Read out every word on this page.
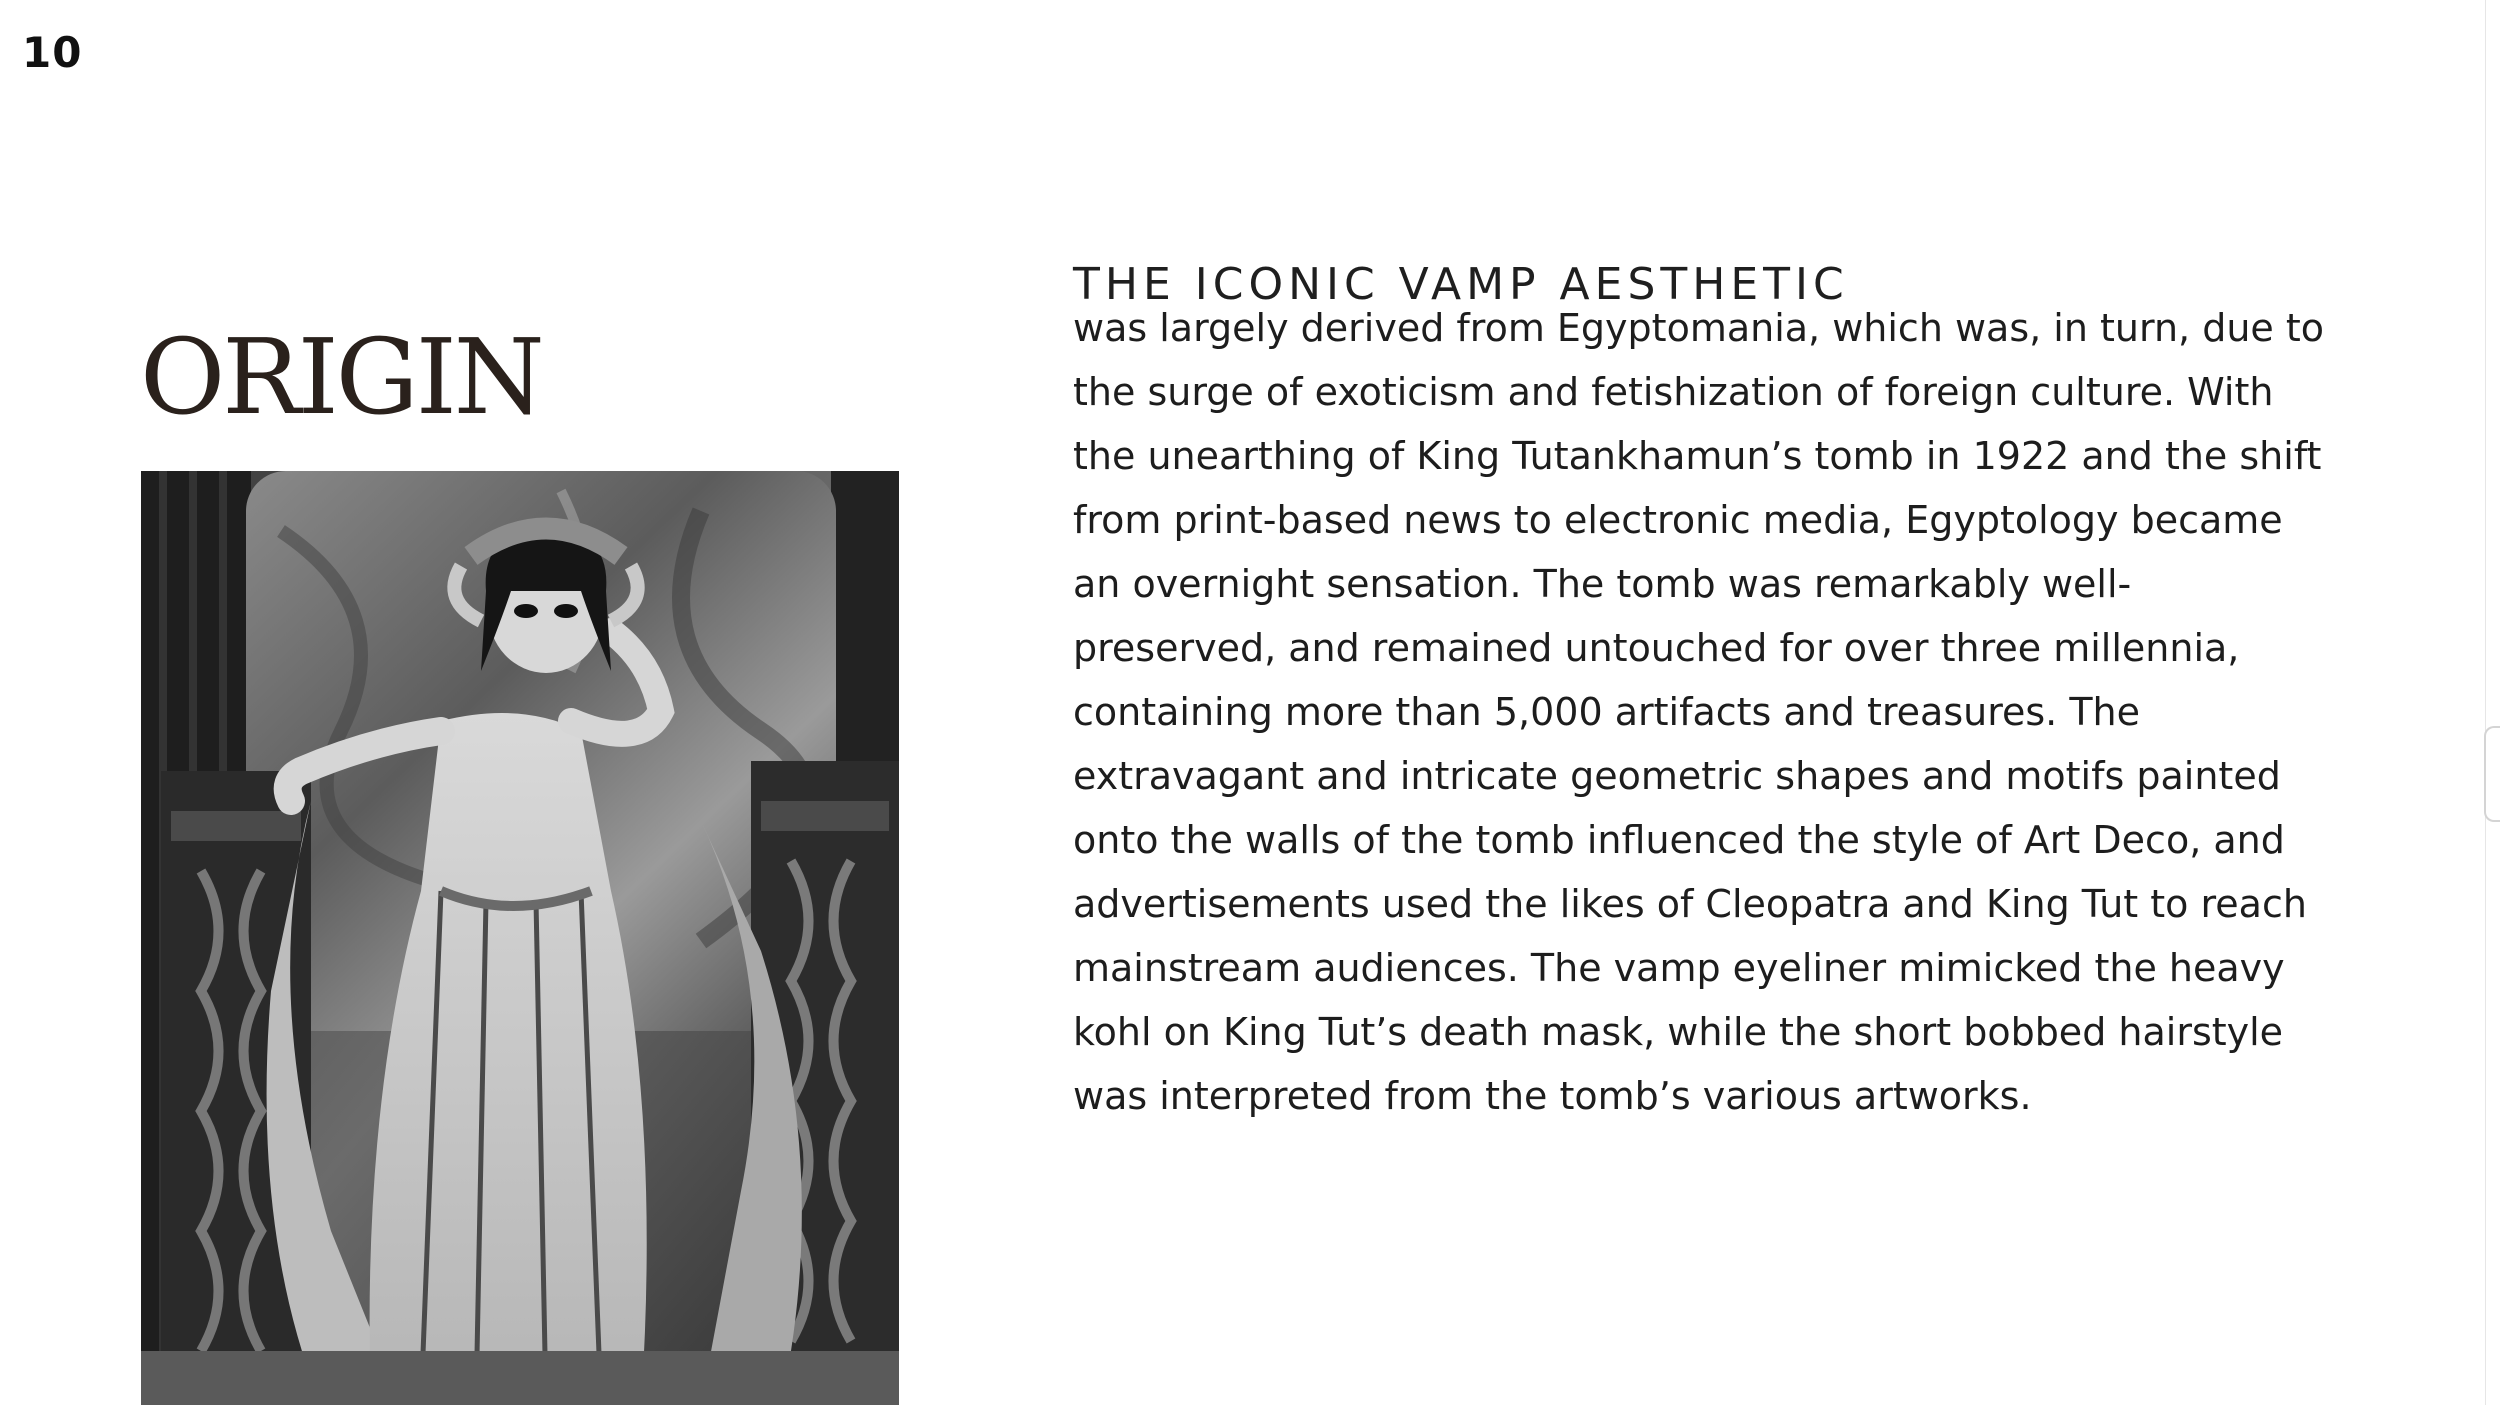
10
ORIGIN
THE ICONIC VAMP AESTHETIC

was largely derived from Egyptomania, which was, in turn, due to
the surge of exoticism and fetishization of foreign culture. With
the unearthing of King Tutankhamun’s tomb in 1922 and the shift
from print-based news to electronic media, Egyptology became
an overnight sensation. The tomb was remarkably well-
preserved, and remained untouched for over three millennia,
containing more than 5,000 artifacts and treasures. The
extravagant and intricate geometric shapes and motifs painted
onto the walls of the tomb influenced the style of Art Deco, and
advertisements used the likes of Cleopatra and King Tut to reach
mainstream audiences. The vamp eyeliner mimicked the heavy
kohl on King Tut’s death mask, while the short bobbed hairstyle
was interpreted from the tomb’s various artworks.
